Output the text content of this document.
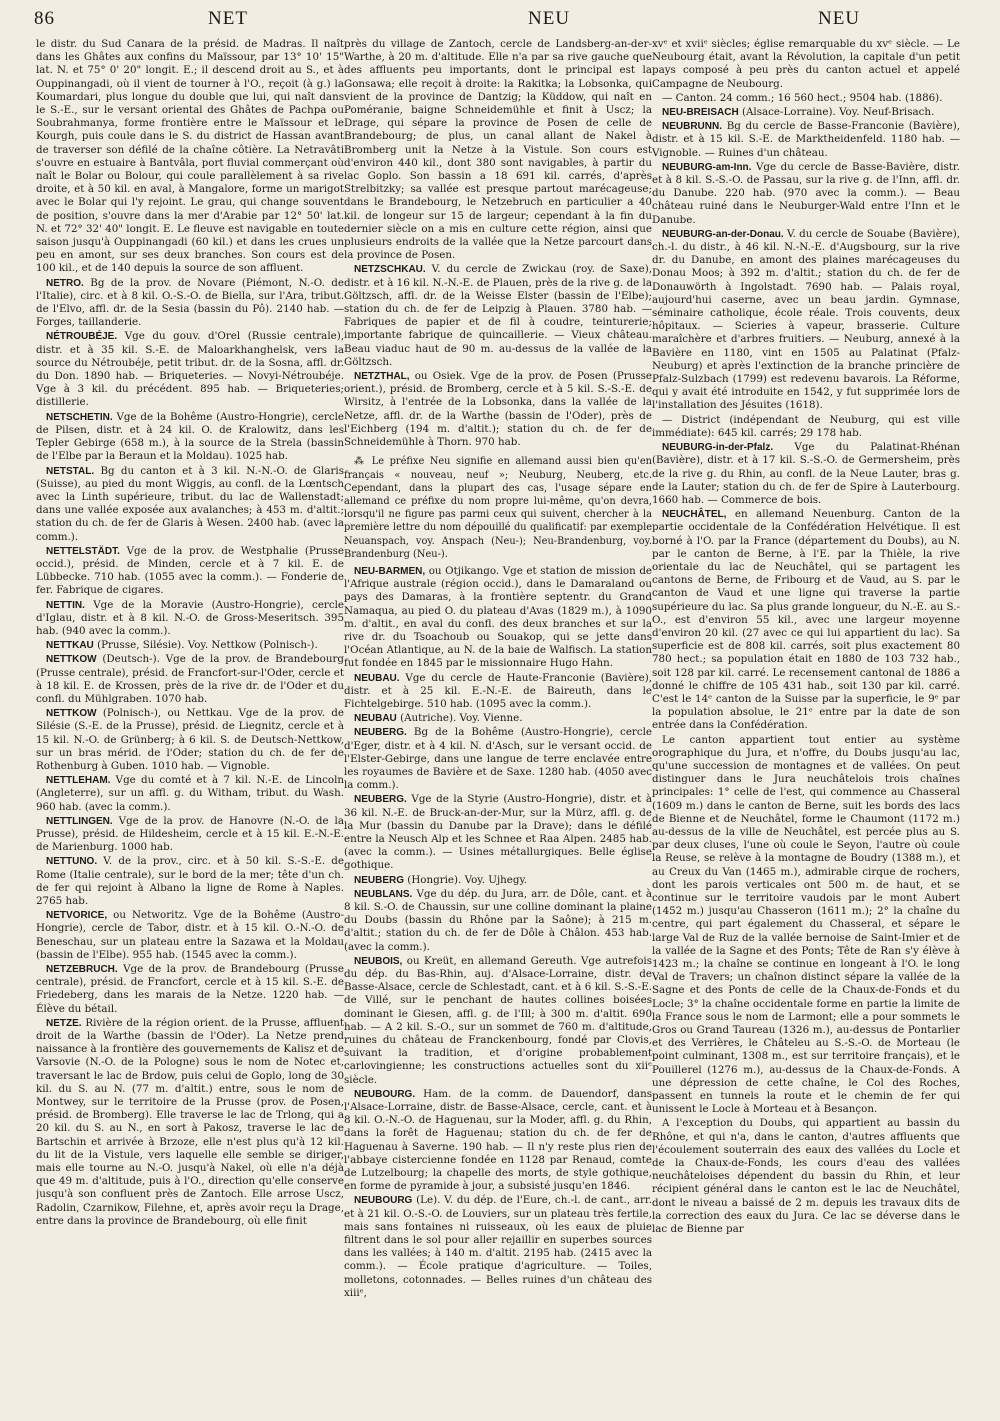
86	NET	NEU	NEU

le distr. du Sud Canara de la présid. de Madras. Il naît dans les Ghâtes aux confins du Maïssour, par 13° 10' 15" lat. N. et 75° 0' 20" longit. E.; il descend droit au S., et à Ouppinangadi, où il vient de tourner à l'O., reçoit (à g.) la Koumardari, plus longue du double que lui, qui naît dans le S.-E., sur le versant oriental des Ghâtes de Pachpa ou Soubrahmanya, forme frontière entre le Maïssour et le Kourgh, puis coule dans le S. du district de Hassan avant de traverser son défilé de la chaîne côtière. La Netravâti s'ouvre en estuaire à Bantvâla, port fluvial commerçant où naît le Bolar ou Bolour, qui coule parallèlement à sa rive droite, et à 50 kil. en aval, à Mangalore, forme un marigot avec le Bolar qui l'y rejoint. Le grau, qui change souvent de position, s'ouvre dans la mer d'Arabie par 12° 50' lat. N. et 72° 32' 40" longit. E. Le fleuve est navigable en toute saison jusqu'à Ouppinangadi (60 kil.) et dans les crues un peu en amont, sur ses deux branches. Son cours est de 100 kil., et de 140 depuis la source de son affluent.

NETRO. Bg de la prov. de Novare (Piémont, N.-O. de l'Italie), circ. et à 8 kil. O.-S.-O. de Biella, sur l'Ara, tribut. de l'Elvo, affl. dr. de la Sesia (bassin du Pô). 2140 hab. — Forges, taillanderie.

NÉTROUBÉJE. Vge du gouv. d'Orel (Russie centrale), distr. et à 35 kil. S.-E. de Maloarkhanghelsk, vers la source du Nétroubéje, petit tribut. dr. de la Sosna, affl. dr. du Don. 1890 hab. — Briqueteries. — Novyi-Nétroubéje. Vge à 3 kil. du précédent. 895 hab. — Briqueteries; distillerie.

NETSCHETIN. Vge de la Bohême (Austro-Hongrie), cercle de Pilsen, distr. et à 24 kil. O. de Kralowitz, dans les Tepler Gebirge (658 m.), à la source de la Strela (bassin de l'Elbe par la Beraun et la Moldau). 1025 hab.

NETSTAL. Bg du canton et à 3 kil. N.-N.-O. de Glaris (Suisse), au pied du mont Wiggis, au confl. de la Lœntsch avec la Linth supérieure, tribut. du lac de Wallenstadt; dans une vallée exposée aux avalanches; à 453 m. d'altit.; station du ch. de fer de Glaris à Wesen. 2400 hab. (avec la comm.).

NETTELSTÄDT. Vge de la prov. de Westphalie (Prusse occid.), présid. de Minden, cercle et à 7 kil. E. de Lübbecke. 710 hab. (1055 avec la comm.). — Fonderie de fer. Fabrique de cigares.

NETTIN. Vge de la Moravie (Austro-Hongrie), cercle d'Iglau, distr. et à 8 kil. N.-O. de Gross-Meseritsch. 395 hab. (940 avec la comm.).

NETTKAU (Prusse, Silésie). Voy. Nettkow (Polnisch-).

NETTKOW (Deutsch-). Vge de la prov. de Brandebourg (Prusse centrale), présid. de Francfort-sur-l'Oder, cercle et à 18 kil. E. de Krossen, près de la rive dr. de l'Oder et du confl. du Mühlgraben. 1070 hab.

NETTKOW (Polnisch-), ou Nettkau. Vge de la prov. de Silésie (S.-E. de la Prusse), présid. de Liegnitz, cercle et à 15 kil. N.-O. de Grünberg; à 6 kil. S. de Deutsch-Nettkow, sur un bras mérid. de l'Oder; station du ch. de fer de Rothenburg à Guben. 1010 hab. — Vignoble.

NETTLEHAM. Vge du comté et à 7 kil. N.-E. de Lincoln (Angleterre), sur un affl. g. du Witham, tribut. du Wash. 960 hab. (avec la comm.).

NETTLINGEN. Vge de la prov. de Hanovre (N.-O. de la Prusse), présid. de Hildesheim, cercle et à 15 kil. E.-N.-E. de Marienburg. 1000 hab.

NETTUNO. V. de la prov., circ. et à 50 kil. S.-S.-E. de Rome (Italie centrale), sur le bord de la mer; tête d'un ch. de fer qui rejoint à Albano la ligne de Rome à Naples. 2765 hab.

NETVORICE, ou Networitz. Vge de la Bohême (Austro-Hongrie), cercle de Tabor, distr. et à 15 kil. O.-N.-O. de Beneschau, sur un plateau entre la Sazawa et la Moldau (bassin de l'Elbe). 955 hab. (1545 avec la comm.).

NETZEBRUCH. Vge de la prov. de Brandebourg (Prusse centrale), présid. de Francfort, cercle et à 15 kil. S.-E. de Friedeberg, dans les marais de la Netze. 1220 hab. — Élève du bétail.

NETZE. Rivière de la région orient. de la Prusse, affluent droit de la Warthe (bassin de l'Oder). La Netze prend naissance à la frontière des gouvernements de Kalisz et de Varsovie (N.-O. de la Pologne) sous le nom de Notec et, traversant le lac de Brdow, puis celui de Goplo, long de 30 kil. du S. au N. (77 m. d'altit.) entre, sous le nom de Montwey, sur le territoire de la Prusse (prov. de Posen, présid. de Bromberg). Elle traverse le lac de Trlong, qui a 20 kil. du S. au N., en sort à Pakosz, traverse le lac de Bartschin et arrivée à Brzoze, elle n'est plus qu'à 12 kil. du lit de la Vistule, vers laquelle elle semble se diriger, mais elle tourne au N.-O. jusqu'à Nakel, où elle n'a déjà que 49 m. d'altitude, puis à l'O., direction qu'elle conserve jusqu'à son confluent près de Zantoch. Elle arrose Uscz, Radolin, Czarnikow, Filehne, et, après avoir reçu la Drage, entre dans la province de Brandebourg, où elle finit

près du village de Zantoch, cercle de Landsberg-an-der-Warthe, à 20 m. d'altitude. Elle n'a par sa rive gauche que des affluents peu importants, dont le principal est la Gonsawa; elle reçoit à droite: la Rakitka; la Lobsonka, qui vient de la province de Dantzig; la Küddow, qui naît en Poméranie, baigne Schneidemühle et finit à Uscz; la Drage, qui sépare la province de Posen de celle de Brandebourg; de plus, un canal allant de Nakel à Bromberg unit la Netze à la Vistule. Son cours est d'environ 440 kil., dont 380 sont navigables, à partir du lac Goplo. Son bassin a 18 691 kil. carrés, d'après Strelbitzky; sa vallée est presque partout marécageuse; dans le Brandebourg, le Netzebruch en particulier a 40 kil. de longeur sur 15 de largeur; cependant à la fin du dernier siècle on a mis en culture cette région, ainsi que plusieurs endroits de la vallée que la Netze parcourt dans la province de Posen.

NETZSCHKAU. V. du cercle de Zwickau (roy. de Saxe), distr. et à 16 kil. N.-N.-E. de Plauen, près de la rive g. de la Göltzsch, affl. dr. de la Weisse Elster (bassin de l'Elbe); station du ch. de fer de Leipzig à Plauen. 3780 hab. — Fabriques de papier et de fil à coudre, teinturerie; importante fabrique de quincaillerie. — Vieux château. Beau viaduc haut de 90 m. au-dessus de la vallée de la Göltzsch.

NETZTHAL, ou Osiek. Vge de la prov. de Posen (Prusse orient.), présid. de Bromberg, cercle et à 5 kil. S.-S.-E. de Wirsitz, à l'entrée de la Lobsonka, dans la vallée de la Netze, affl. dr. de la Warthe (bassin de l'Oder), près de l'Eichberg (194 m. d'altit.); station du ch. de fer de Schneidemühle à Thorn. 970 hab.

⁂ Le préfixe Neu signifie en allemand aussi bien qu'en français « nouveau, neuf »; Neuburg, Neuberg, etc. Cependant, dans la plupart des cas, l'usage sépare en allemand ce préfixe du nom propre lui-même, qu'on devra, lorsqu'il ne figure pas parmi ceux qui suivent, chercher à la première lettre du nom dépouillé du qualificatif: par exemple Neuanspach, voy. Anspach (Neu-); Neu-Brandenburg, voy. Brandenburg (Neu-).

NEU-BARMEN, ou Otjikango. Vge et station de mission de l'Afrique australe (région occid.), dans le Damaraland ou pays des Damaras, à la frontière septentr. du Grand Namaqua, au pied O. du plateau d'Avas (1829 m.), à 1090 m. d'altit., en aval du confl. des deux branches et sur la rive dr. du Tsoachoub ou Souakop, qui se jette dans l'Océan Atlantique, au N. de la baie de Walfisch. La station fut fondée en 1845 par le missionnaire Hugo Hahn.

NEUBAU. Vge du cercle de Haute-Franconie (Bavière), distr. et à 25 kil. E.-N.-E. de Baireuth, dans le Fichtelgebirge. 510 hab. (1095 avec la comm.).

NEUBAU (Autriche). Voy. Vienne.

NEUBERG. Bg de la Bohême (Austro-Hongrie), cercle d'Eger, distr. et à 4 kil. N. d'Asch, sur le versant occid. de l'Elster-Gebirge, dans une langue de terre enclavée entre les royaumes de Bavière et de Saxe. 1280 hab. (4050 avec la comm.).

NEUBERG. Vge de la Styrie (Austro-Hongrie), distr. et à 36 kil. N.-E. de Bruck-an-der-Mur, sur la Mürz, affl. g. de la Mur (bassin du Danube par la Drave); dans le défilé entre la Neusch Alp et les Schnee et Raa Alpen. 2485 hab. (avec la comm.). — Usines métallurgiques. Belle église gothique.

NEUBERG (Hongrie). Voy. Ujhegy.

NEUBLANS. Vge du dép. du Jura, arr. de Dôle, cant. et à 8 kil. S.-O. de Chaussin, sur une colline dominant la plaine du Doubs (bassin du Rhône par la Saône); à 215 m. d'altit.; station du ch. de fer de Dôle à Châlon. 453 hab. (avec la comm.).

NEUBOIS, ou Kreüt, en allemand Gereuth. Vge autrefois du dép. du Bas-Rhin, auj. d'Alsace-Lorraine, distr. de Basse-Alsace, cercle de Schlestadt, cant. et à 6 kil. S.-S.-E. de Villé, sur le penchant de hautes collines boisées dominant le Giesen, affl. g. de l'Ill; à 300 m. d'altit. 690 hab. — A 2 kil. S.-O., sur un sommet de 760 m. d'altitude, ruines du château de Franckenbourg, fondé par Clovis, suivant la tradition, et d'origine probablement carlovingienne; les constructions actuelles sont du xiiᵉ siècle.

NEUBOURG. Ham. de la comm. de Dauendorf, dans l'Alsace-Lorraine, distr. de Basse-Alsace, cercle, cant. et à 8 kil. O.-N.-O. de Haguenau, sur la Moder, affl. g. du Rhin, dans la forêt de Haguenau; station du ch. de fer de Haguenau à Saverne. 190 hab. — Il n'y reste plus rien de l'abbaye cistercienne fondée en 1128 par Renaud, comte de Lutzelbourg; la chapelle des morts, de style gothique, en forme de pyramide à jour, a subsisté jusqu'en 1846.

NEUBOURG (Le). V. du dép. de l'Eure, ch.-l. de cant., arr. et à 21 kil. O.-S.-O. de Louviers, sur un plateau très fertile, mais sans fontaines ni ruisseaux, où les eaux de pluie filtrent dans le sol pour aller rejaillir en superbes sources dans les vallées; à 140 m. d'altit. 2195 hab. (2415 avec la comm.). — École pratique d'agriculture. — Toiles, molletons, cotonnades. — Belles ruines d'un château des xiiiᵉ,

xvᵉ et xviiᵉ siècles; église remarquable du xvᵉ siècle. — Le Neubourg était, avant la Révolution, la capitale d'un petit pays composé à peu près du canton actuel et appelé Campagne de Neubourg.

— Canton. 24 comm.; 16 560 hect.; 9504 hab. (1886).

NEU-BREISACH (Alsace-Lorraine). Voy. Neuf-Brisach.

NEUBRUNN. Bg du cercle de Basse-Franconie (Bavière), distr. et à 15 kil. S.-E. de Marktheidenfeld. 1180 hab. — Vignoble. — Ruines d'un château.

NEUBURG-am-Inn. Vge du cercle de Basse-Bavière, distr. et à 8 kil. S.-S.-O. de Passau, sur la rive g. de l'Inn, affl. dr. du Danube. 220 hab. (970 avec la comm.). — Beau château ruiné dans le Neuburger-Wald entre l'Inn et le Danube.

NEUBURG-an-der-Donau. V. du cercle de Souabe (Bavière), ch.-l. du distr., à 46 kil. N.-N.-E. d'Augsbourg, sur la rive dr. du Danube, en amont des plaines marécageuses du Donau Moos; à 392 m. d'altit.; station du ch. de fer de Donauwörth à Ingolstadt. 7690 hab. — Palais royal, aujourd'hui caserne, avec un beau jardin. Gymnase, séminaire catholique, école réale. Trois couvents, deux hôpitaux. — Scieries à vapeur, brasserie. Culture maraîchère et d'arbres fruitiers. — Neuburg, annexé à la Bavière en 1180, vint en 1505 au Palatinat (Pfalz-Neuburg) et après l'extinction de la branche princière de Pfalz-Sulzbach (1799) est redevenu bavarois. La Réforme, qui y avait été introduite en 1542, y fut supprimée lors de l'installation des Jésuites (1618).

— District (indépendant de Neuburg, qui est ville immédiate): 645 kil. carrés; 29 178 hab.

NEUBURG-in-der-Pfalz. Vge du Palatinat-Rhénan (Bavière), distr. et à 17 kil. S.-S.-O. de Germersheim, près de la rive g. du Rhin, au confl. de la Neue Lauter, bras g. de la Lauter; station du ch. de fer de Spire à Lauterbourg. 1660 hab. — Commerce de bois.

NEUCHÂTEL, en allemand Neuenburg. Canton de la partie occidentale de la Confédération Helvétique. Il est borné à l'O. par la France (département du Doubs), au N. par le canton de Berne, à l'E. par la Thièle, la rive orientale du lac de Neuchâtel, qui se partagent les cantons de Berne, de Fribourg et de Vaud, au S. par le canton de Vaud et une ligne qui traverse la partie supérieure du lac. Sa plus grande longueur, du N.-E. au S.-O., est d'environ 55 kil., avec une largeur moyenne d'environ 20 kil. (27 avec ce qui lui appartient du lac). Sa superficie est de 808 kil. carrés, soit plus exactement 80 780 hect.; sa population était en 1880 de 103 732 hab., soit 128 par kil. carré. Le recensement cantonal de 1886 a donné le chiffre de 105 431 hab., soit 130 par kil. carré. C'est le 14ᵉ canton de la Suisse par la superficie, le 9ᵉ par la population absolue, le 21ᵉ entre par la date de son entrée dans la Confédération.

Le canton appartient tout entier au système orographique du Jura, et n'offre, du Doubs jusqu'au lac, qu'une succession de montagnes et de vallées. On peut distinguer dans le Jura neuchâtelois trois chaînes principales: 1° celle de l'est, qui commence au Chasseral (1609 m.) dans le canton de Berne, suit les bords des lacs de Bienne et de Neuchâtel, forme le Chaumont (1172 m.) au-dessus de la ville de Neuchâtel, est percée plus au S. par deux cluses, l'une où coule le Seyon, l'autre où coule la Reuse, se relève à la montagne de Boudry (1388 m.), et au Creux du Van (1465 m.), admirable cirque de rochers, dont les parois verticales ont 500 m. de haut, et se continue sur le territoire vaudois par le mont Aubert (1452 m.) jusqu'au Chasseron (1611 m.); 2° la chaîne du centre, qui part également du Chasseral, et sépare le large Val de Ruz de la vallée bernoise de Saint-Imier et de la vallée de la Sagne et des Ponts; Tête de Ran s'y élève à 1423 m.; la chaîne se continue en longeant à l'O. le long Val de Travers; un chaînon distinct sépare la vallée de la Sagne et des Ponts de celle de la Chaux-de-Fonds et du Locle; 3° la chaîne occidentale forme en partie la limite de la France sous le nom de Larmont; elle a pour sommets le Gros ou Grand Taureau (1326 m.), au-dessus de Pontarlier et des Verrières, le Châteleu au S.-S.-O. de Morteau (le point culminant, 1308 m., est sur territoire français), et le Pouillerel (1276 m.), au-dessus de la Chaux-de-Fonds. A une dépression de cette chaîne, le Col des Roches, passent en tunnels la route et le chemin de fer qui unissent le Locle à Morteau et à Besançon.

A l'exception du Doubs, qui appartient au bassin du Rhône, et qui n'a, dans le canton, d'autres affluents que l'écoulement souterrain des eaux des vallées du Locle et de la Chaux-de-Fonds, les cours d'eau des vallées neuchâteloises dépendent du bassin du Rhin, et leur récipient général dans le canton est le lac de Neuchâtel, dont le niveau a baissé de 2 m. depuis les travaux dits de la correction des eaux du Jura. Ce lac se déverse dans le lac de Bienne par
